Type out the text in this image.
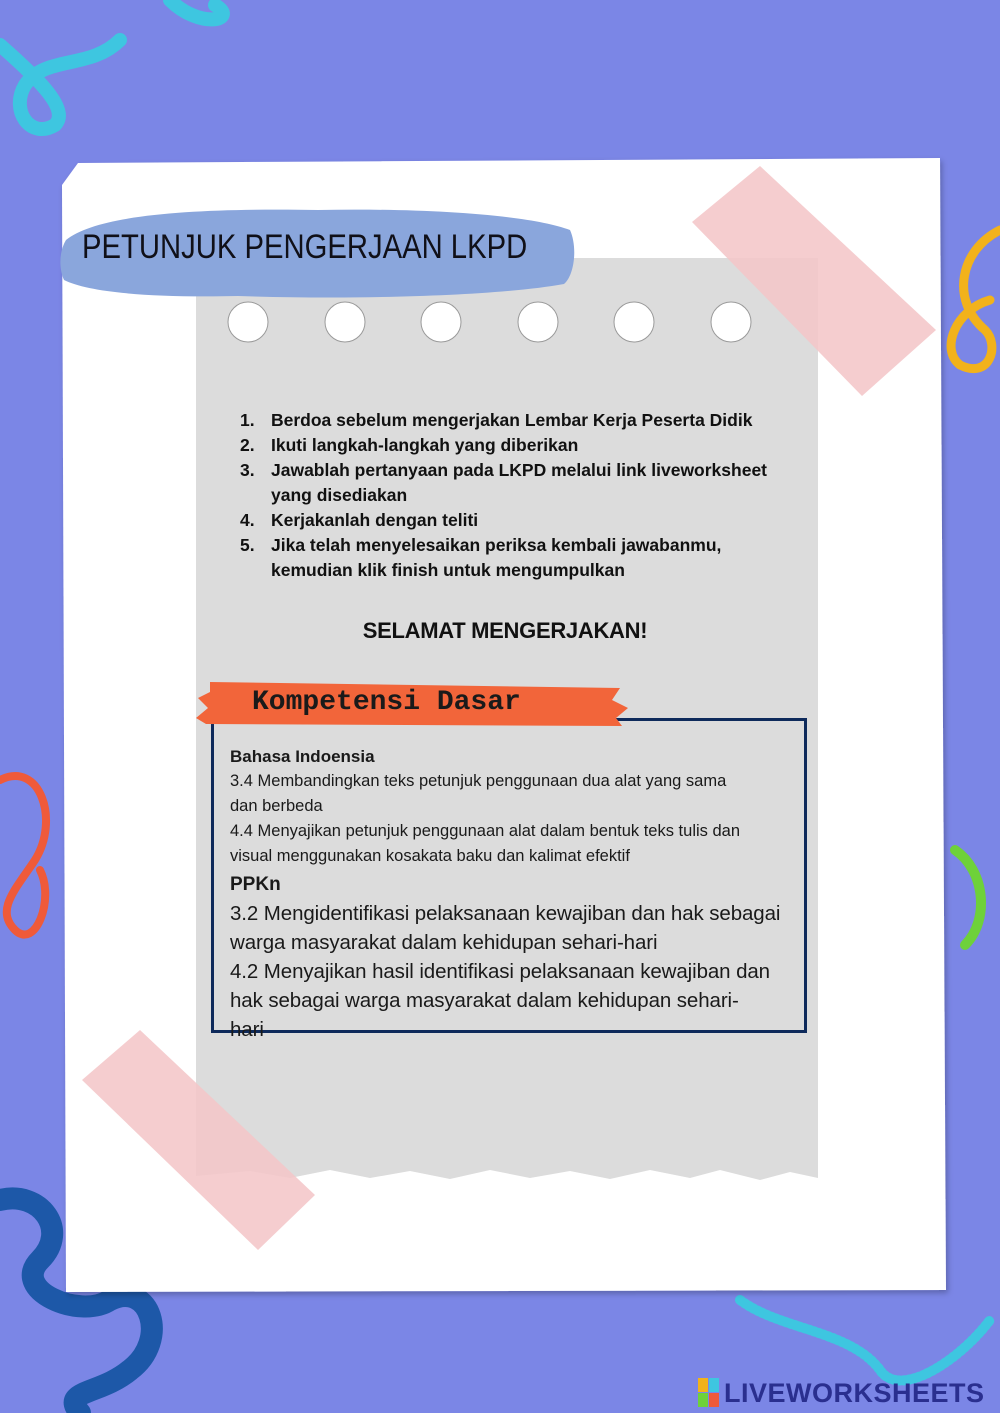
PETUNJUK PENGERJAAN LKPD
1. Berdoa sebelum mengerjakan Lembar Kerja Peserta Didik
2. Ikuti langkah-langkah yang diberikan
3. Jawablah pertanyaan pada LKPD melalui link liveworksheet
yang disediakan
4. Kerjakanlah dengan teliti
5. Jika telah menyelesaikan periksa kembali jawabanmu,
kemudian klik finish untuk mengumpulkan
SELAMAT MENGERJAKAN!
Bahasa Indoensia

3.4 Membandingkan teks petunjuk penggunaan dua alat yang sama

dan berbeda

4.4 Menyajikan petunjuk penggunaan alat dalam bentuk teks tulis dan

visual menggunakan kosakata baku dan kalimat efektif

PPKn

3.2 Mengidentifikasi pelaksanaan kewajiban dan hak sebagai

warga masyarakat dalam kehidupan sehari-hari

4.2 Menyajikan hasil identifikasi pelaksanaan kewajiban dan

hak sebagai warga masyarakat dalam kehidupan sehari-

hari

Kompetensi Dasar
LIVEWORKSHEETS
